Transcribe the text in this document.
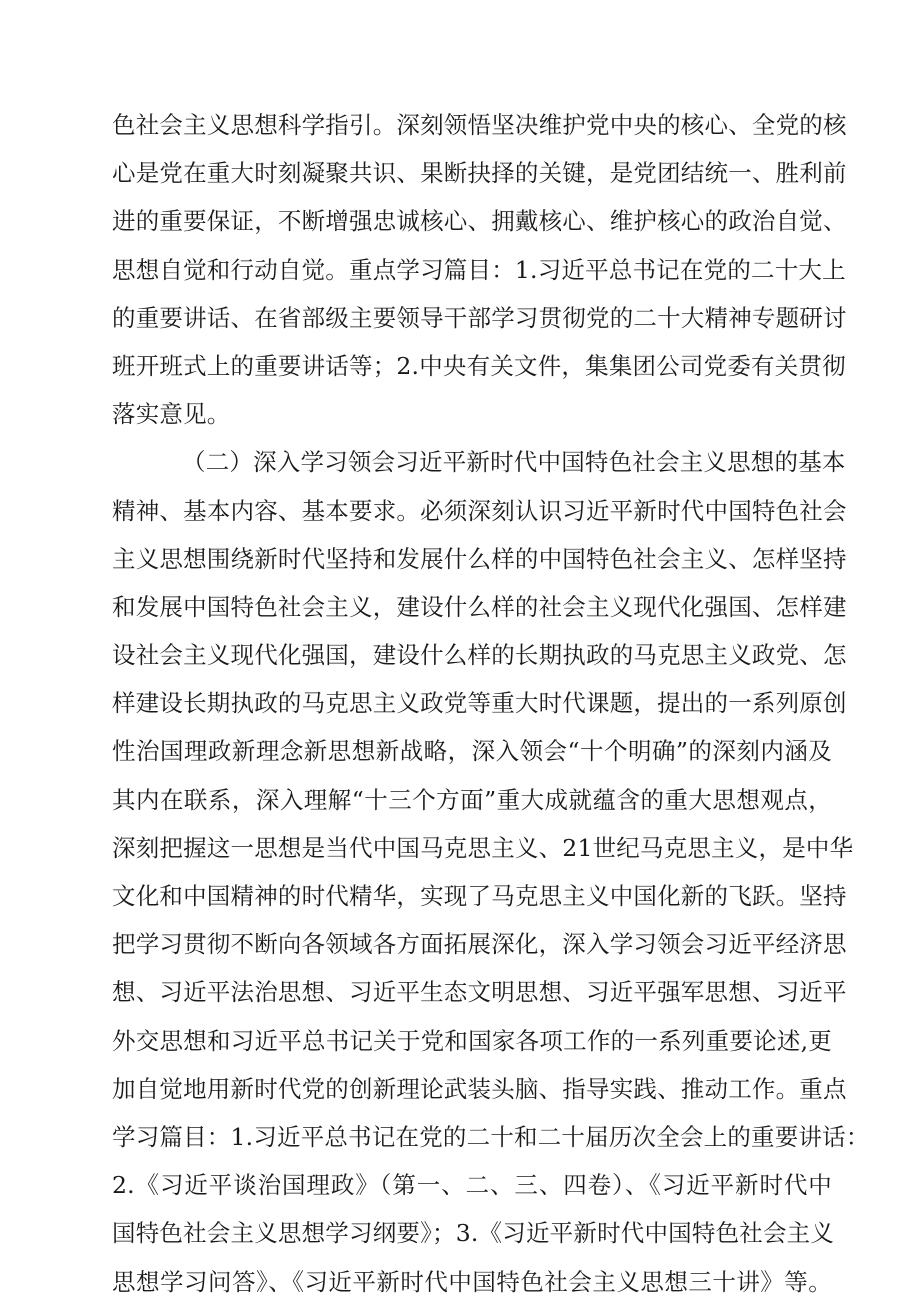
色社会主义思想科学指引。深刻领悟坚决维护党中央的核心、全党的核
心是党在重大时刻凝聚共识、果断抉择的关键，是党团结统一、胜利前
进的重要保证，不断增强忠诚核心、拥戴核心、维护核心的政治自觉、
思想自觉和行动自觉。重点学习篇目：1.习近平总书记在党的二十大上
的重要讲话、在省部级主要领导干部学习贯彻党的二十大精神专题研讨
班开班式上的重要讲话等；2.中央有关文件，集集团公司党委有关贯彻
落实意见。
（二）深入学习领会习近平新时代中国特色社会主义思想的基本
精神、基本内容、基本要求。必须深刻认识习近平新时代中国特色社会
主义思想围绕新时代坚持和发展什么样的中国特色社会主义、怎样坚持
和发展中国特色社会主义，建设什么样的社会主义现代化强国、怎样建
设社会主义现代化强国，建设什么样的长期执政的马克思主义政党、怎
样建设长期执政的马克思主义政党等重大时代课题，提出的一系列原创
性治国理政新理念新思想新战略，深入领会“十个明确”的深刻内涵及
其内在联系，深入理解“十三个方面”重大成就蕴含的重大思想观点，
深刻把握这一思想是当代中国马克思主义、21世纪马克思主义，是中华
文化和中国精神的时代精华，实现了马克思主义中国化新的飞跃。坚持
把学习贯彻不断向各领域各方面拓展深化，深入学习领会习近平经济思
想、习近平法治思想、习近平生态文明思想、习近平强军思想、习近平
外交思想和习近平总书记关于党和国家各项工作的一系列重要论述,更
加自觉地用新时代党的创新理论武装头脑、指导实践、推动工作。重点
学习篇目：1.习近平总书记在党的二十和二十届历次全会上的重要讲话：
2.《习近平谈治国理政》（第一、二、三、四卷）、《习近平新时代中
国特色社会主义思想学习纲要》；3.《习近平新时代中国特色社会主义
思想学习问答》、《习近平新时代中国特色社会主义思想三十讲》等。
